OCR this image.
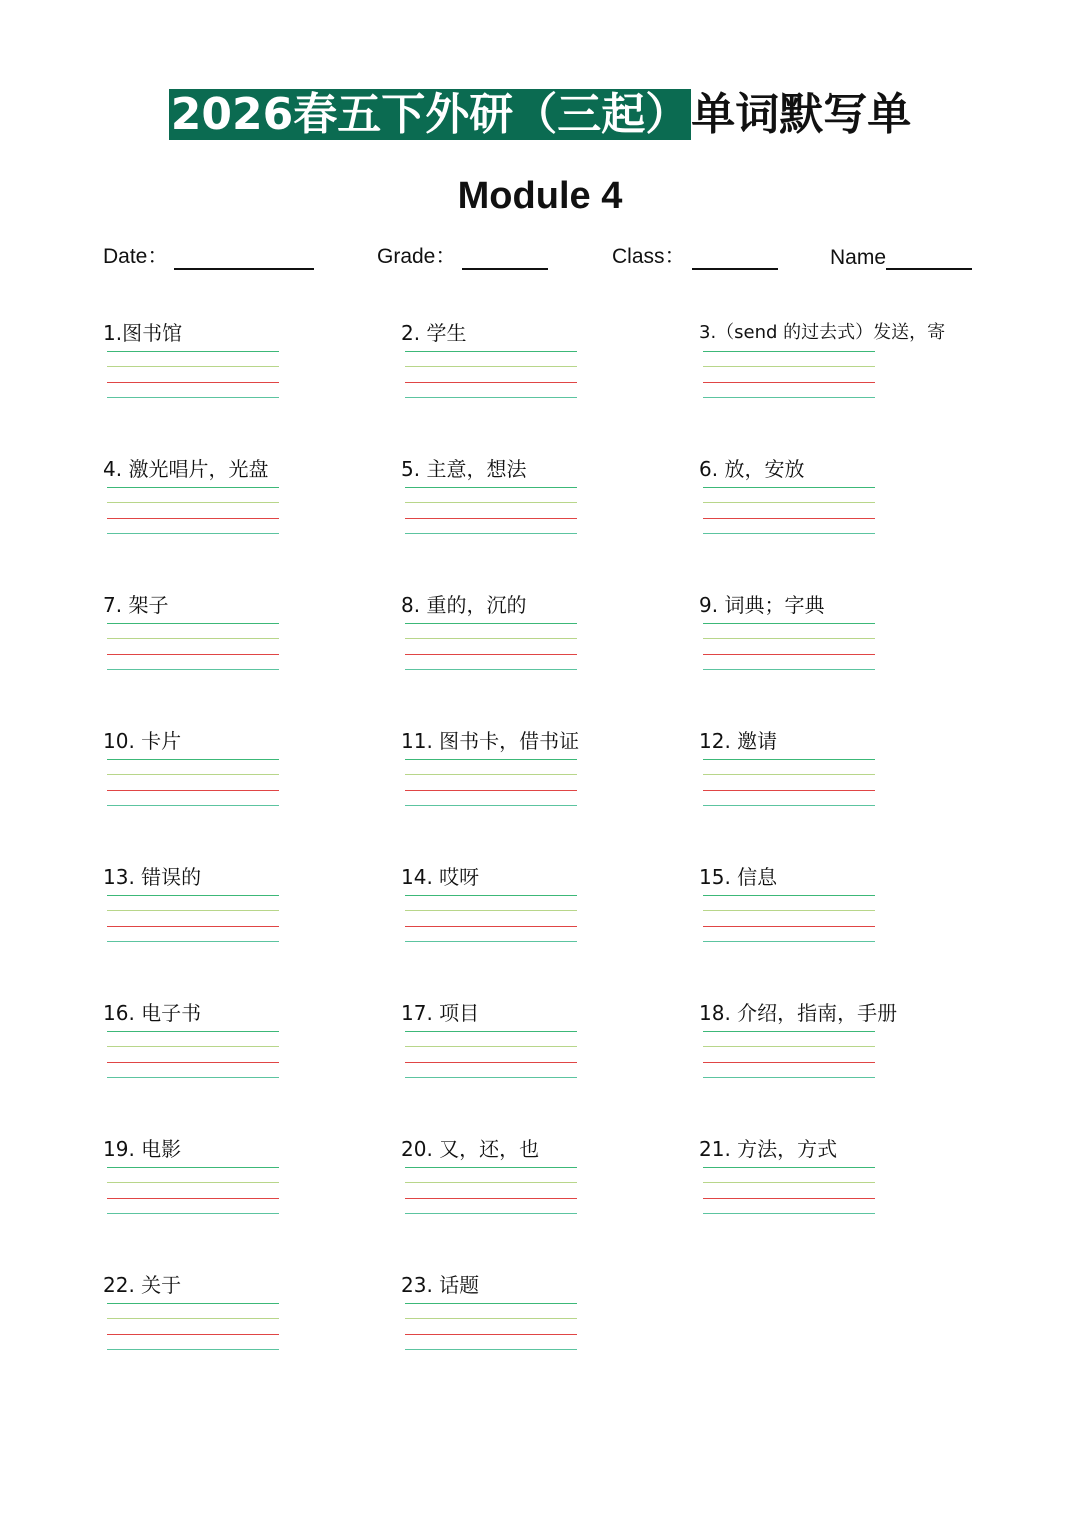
2026春五下外研（三起）单词默写单
Module 4
Date：	Grade：	Class：	Name
1.图书馆	2. 学生	3.（send 的过去式）发送，寄
4. 激光唱片，光盘	5. 主意，想法	6. 放，安放
7. 架子	8. 重的，沉的	9. 词典；字典
10. 卡片	11. 图书卡，借书证	12. 邀请
13. 错误的	14. 哎呀	15. 信息
16. 电子书	17. 项目	18. 介绍，指南，手册
19. 电影	20. 又，还，也	21. 方法，方式
22. 关于	23. 话题
